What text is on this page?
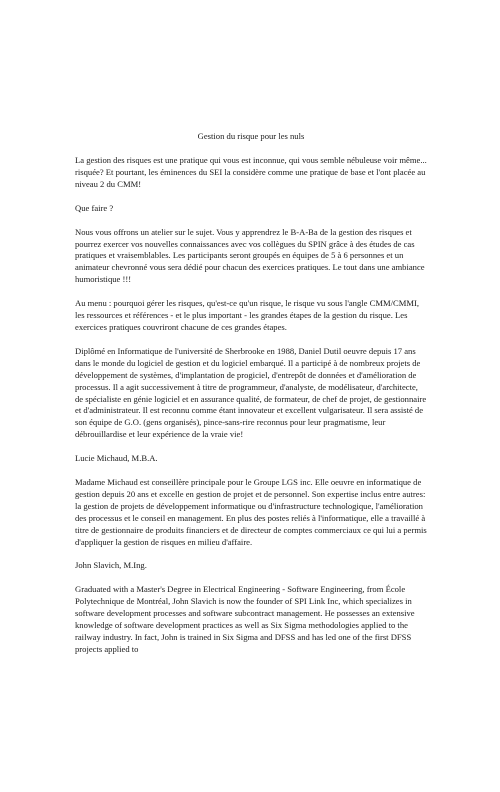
Gestion du risque pour les nuls

La gestion des risques est une pratique qui vous est inconnue, qui vous semble nébuleuse voir même... risquée? Et pourtant, les éminences du SEI la considère comme une pratique de base et l'ont placée au niveau 2 du CMM!

Que faire ?

Nous vous offrons un atelier sur le sujet. Vous y apprendrez le B-A-Ba de la gestion des risques et pourrez exercer vos nouvelles connaissances avec vos collègues du SPIN grâce à des études de cas pratiques et vraisemblables. Les participants seront groupés en équipes de 5 à 6 personnes et un animateur chevronné vous sera dédié pour chacun des exercices pratiques. Le tout dans une ambiance humoristique !!!

Au menu : pourquoi gérer les risques, qu'est-ce qu'un risque, le risque vu sous l'angle CMM/CMMI, les ressources et références - et le plus important - les grandes étapes de la gestion du risque. Les exercices pratiques couvriront chacune de ces grandes étapes.

Diplômé en Informatique de l'université de Sherbrooke en 1988, Daniel Dutil oeuvre depuis 17 ans dans le monde du logiciel de gestion et du logiciel embarqué. Il a participé à de nombreux projets de développement de systèmes, d'implantation de progiciel, d'entrepôt de données et d'amélioration de processus. Il a agit successivement à titre de programmeur, d'analyste, de modélisateur, d'architecte, de spécialiste en génie logiciel et en assurance qualité, de formateur, de chef de projet, de gestionnaire et d'administrateur. Il est reconnu comme étant innovateur et excellent vulgarisateur. Il sera assisté de son équipe de G.O. (gens organisés), pince-sans-rire reconnus pour leur pragmatisme, leur débrouillardise et leur expérience de la vraie vie!

Lucie Michaud, M.B.A.

Madame Michaud est conseillère principale pour le Groupe LGS inc. Elle oeuvre en informatique de gestion depuis 20 ans et excelle en gestion de projet et de personnel. Son expertise inclus entre autres: la gestion de projets de développement informatique ou d'infrastructure technologique, l'amélioration des processus et le conseil en management. En plus des postes reliés à l'informatique, elle a travaillé à titre de gestionnaire de produits financiers et de directeur de comptes commerciaux ce qui lui a permis d'appliquer la gestion de risques en milieu d'affaire.

John Slavich, M.Ing.

Graduated with a Master's Degree in Electrical Engineering - Software Engineering, from École Polytechnique de Montréal, John Slavich is now the founder of SPI Link Inc, which specializes in software development processes and software subcontract management. He possesses an extensive knowledge of software development practices as well as Six Sigma methodologies applied to the railway industry. In fact, John is trained in Six Sigma and DFSS and has led one of the first DFSS projects applied to
